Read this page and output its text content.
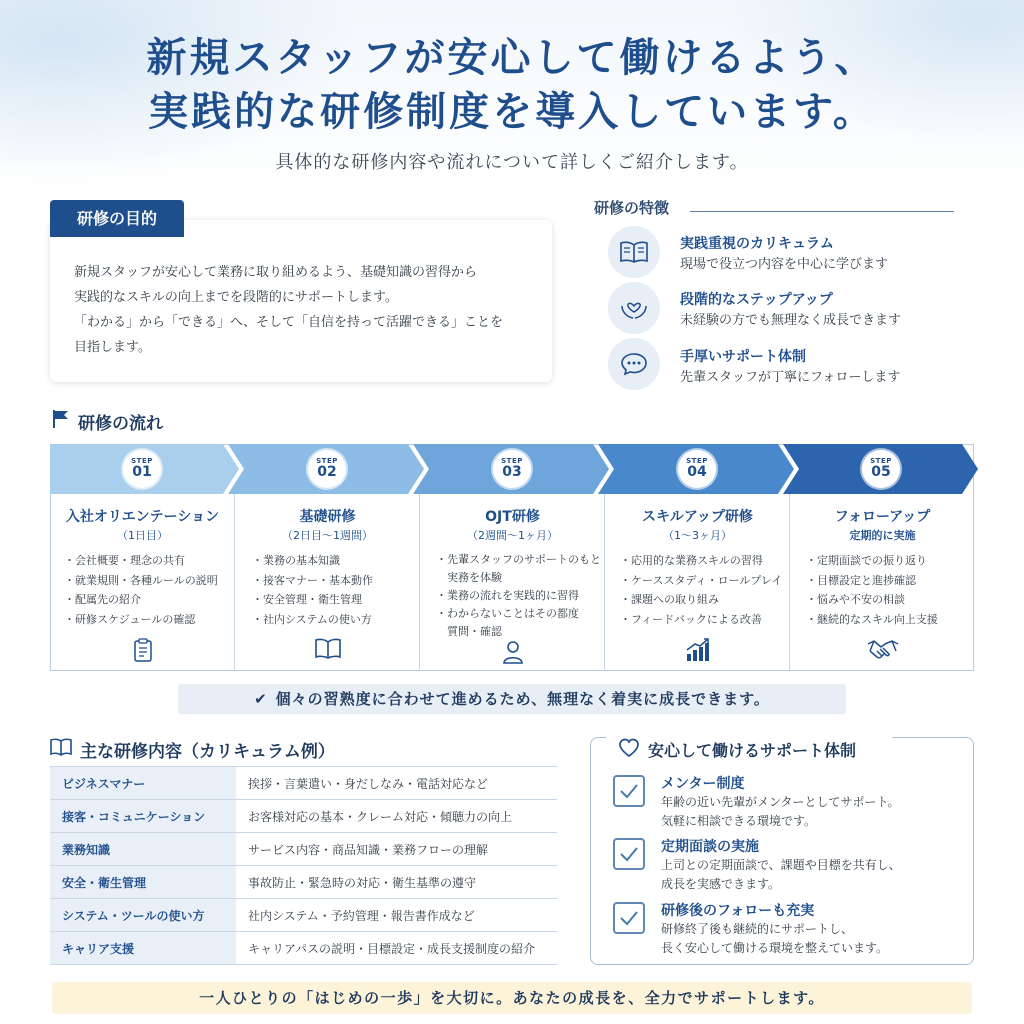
新規スタッフが安心して働けるよう、
実践的な研修制度を導入しています。
具体的な研修内容や流れについて詳しくご紹介します。
研修の目的
新規スタッフが安心して業務に取り組めるよう、基礎知識の習得から
実践的なスキルの向上までを段階的にサポートします。
「わかる」から「できる」へ、そして「自信を持って活躍できる」ことを
目指します。
研修の特徴
実践重視のカリキュラム
現場で役立つ内容を中心に学びます
段階的なステップアップ
未経験の方でも無理なく成長できます
手厚いサポート体制
先輩スタッフが丁寧にフォローします
研修の流れ
STEP
01
入社オリエンテーション
（1日目）
・会社概要・理念の共有
・就業規則・各種ルールの説明
・配属先の紹介
・研修スケジュールの確認
STEP
02
基礎研修
（2日目〜1週間）
・業務の基本知識
・接客マナー・基本動作
・安全管理・衛生管理
・社内システムの使い方
STEP
03
OJT研修
（2週間〜1ヶ月）
・先輩スタッフのサポートのもと
　実務を体験
・業務の流れを実践的に習得
・わからないことはその都度
　質問・確認
STEP
04
スキルアップ研修
（1〜3ヶ月）
・応用的な業務スキルの習得
・ケーススタディ・ロールプレイ
・課題への取り組み
・フィードバックによる改善
STEP
05
フォローアップ
定期的に実施
・定期面談での振り返り
・目標設定と進捗確認
・悩みや不安の相談
・継続的なスキル向上支援
✔ 個々の習熟度に合わせて進めるため、無理なく着実に成長できます。
主な研修内容（カリキュラム例）
ビジネスマナー	挨拶・言葉遣い・身だしなみ・電話対応など
接客・コミュニケーション	お客様対応の基本・クレーム対応・傾聴力の向上
業務知識	サービス内容・商品知識・業務フローの理解
安全・衛生管理	事故防止・緊急時の対応・衛生基準の遵守
システム・ツールの使い方	社内システム・予約管理・報告書作成など
キャリア支援	キャリアパスの説明・目標設定・成長支援制度の紹介
安心して働けるサポート体制
メンター制度
年齢の近い先輩がメンターとしてサポート。
気軽に相談できる環境です。
定期面談の実施
上司との定期面談で、課題や目標を共有し、
成長を実感できます。
研修後のフォローも充実
研修終了後も継続的にサポートし、
長く安心して働ける環境を整えています。
一人ひとりの「はじめの一歩」を大切に。あなたの成長を、全力でサポートします。
